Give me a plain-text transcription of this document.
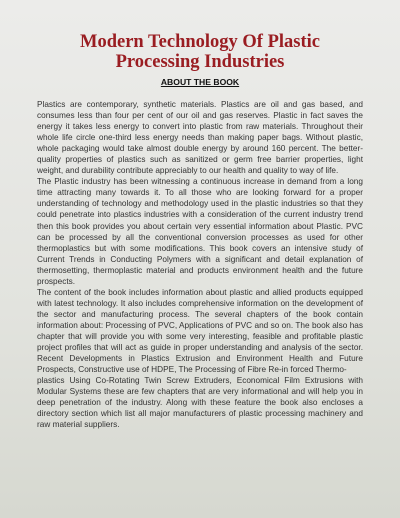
Modern Technology Of Plastic
Processing Industries
ABOUT THE BOOK

Plastics are contemporary, synthetic materials. Plastics are oil and gas based, and consumes less than four per cent of our oil and gas reserves. Plastic in fact saves the energy it takes less energy to convert into plastic from raw materials. Throughout their whole life circle one-third less energy needs than making paper bags. Without plastic, whole packaging would take almost double energy by around 160 percent. The better-quality properties of plastics such as sanitized or germ free barrier properties, light weight, and durability contribute appreciably to our health and quality to way of life.

The Plastic industry has been witnessing a continuous increase in demand from a long time attracting many towards it. To all those who are looking forward for a proper understanding of technology and methodology used in the plastic industries so that they could penetrate into plastics industries with a consideration of the current industry trend then this book provides you about certain very essential information about Plastic. PVC can be processed by all the conventional conversion processes as used for other thermoplastics but with some modifications. This book covers an intensive study of Current Trends in Conducting Polymers with a significant and detail explanation of thermosetting, thermoplastic material and products environment health and the future prospects.

The content of the book includes information about plastic and allied products equipped with latest technology. It also includes comprehensive information on the development of the sector and manufacturing process. The several chapters of the book contain information about: Processing of PVC, Applications of PVC and so on. The book also has chapter that will provide you with some very interesting, feasible and profitable plastic project profiles that will act as guide in proper understanding and analysis of the sector. Recent Developments in Plastics Extrusion and Environment Health and Future Prospects, Constructive use of HDPE, The Processing of Fibre Re-in forced Thermo-

plastics Using Co-Rotating Twin Screw Extruders, Economical Film Extrusions with Modular Systems these are few chapters that are very informational and will help you in deep penetration of the industry. Along with these feature the book also encloses a directory section which list all major manufacturers of plastic processing machinery and raw material suppliers.
